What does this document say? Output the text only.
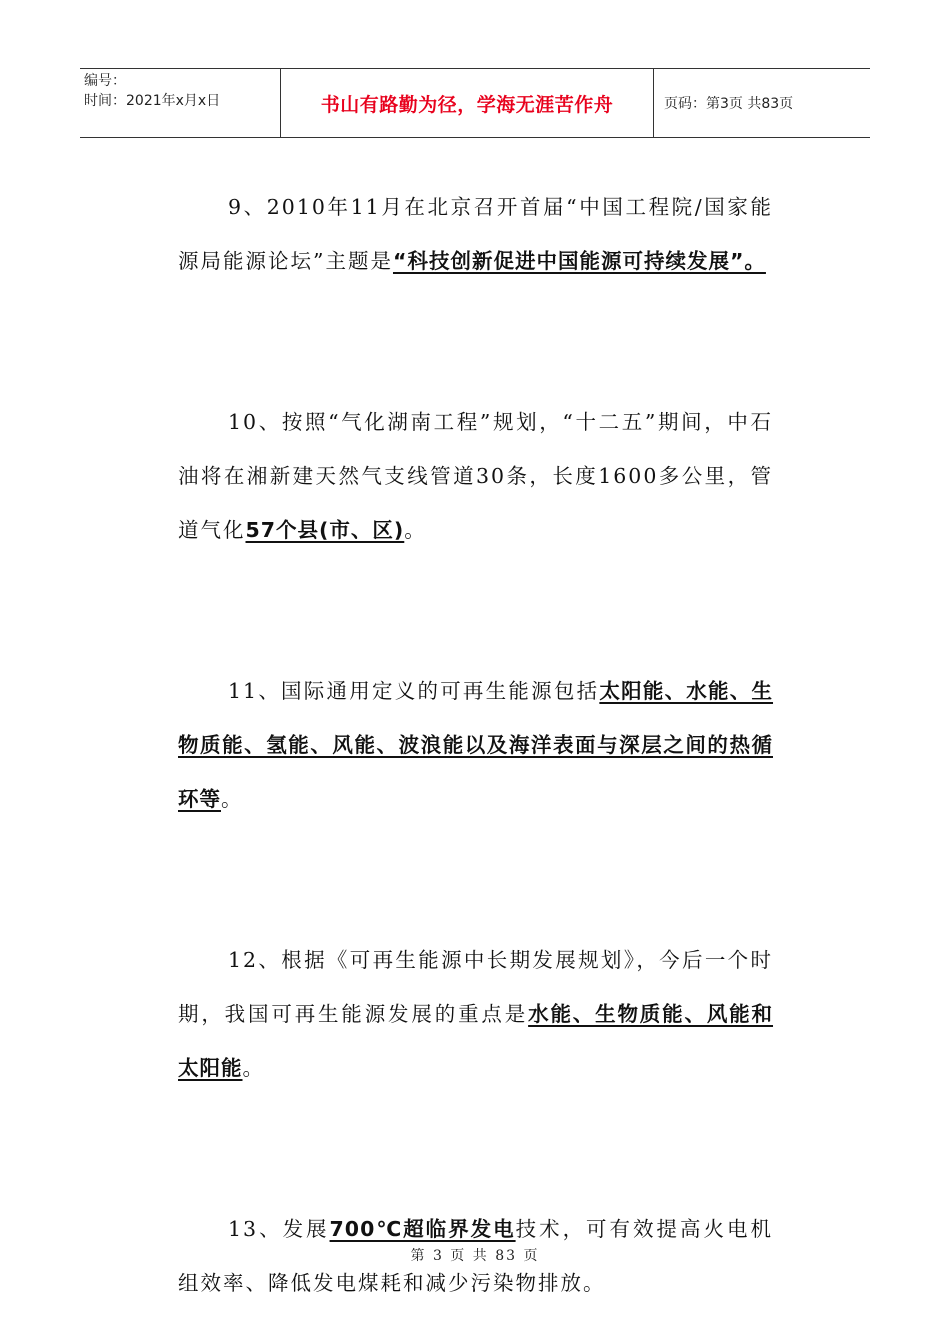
编号：
时间：2021年x月x日	书山有路勤为径，学海无涯苦作舟	页码：第3页 共83页

9、2010年11月在北京召开首届“中国工程院/国家能源局能源论坛”主题是“科技创新促进中国能源可持续发展”。

10、按照“气化湖南工程”规划，“十二五”期间，中石油将在湘新建天然气支线管道30条，长度1600多公里，管道气化57个县(市、区)。

11、国际通用定义的可再生能源包括太阳能、水能、生物质能、氢能、风能、波浪能以及海洋表面与深层之间的热循环等。

12、根据《可再生能源中长期发展规划》，今后一个时期，我国可再生能源发展的重点是水能、生物质能、风能和太阳能。

13、发展700℃超临界发电技术，可有效提高火电机组效率、降低发电煤耗和减少污染物排放。

第 3 页 共 83 页
